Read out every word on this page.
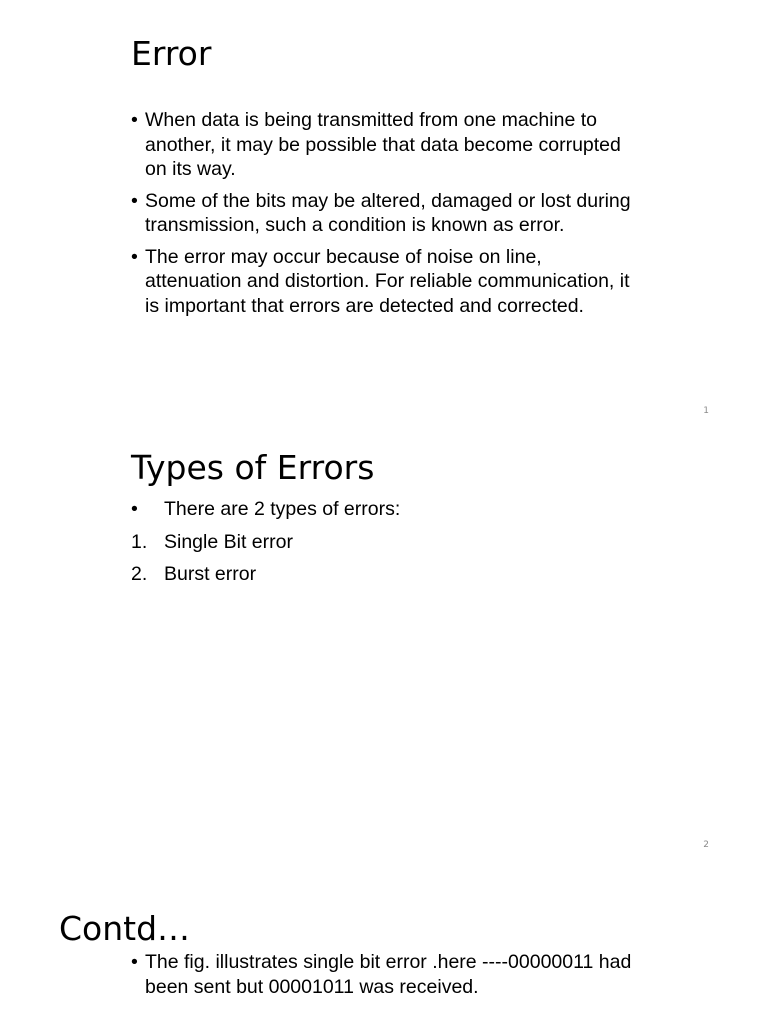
Error
• When data is being transmitted from one machine to another, it may be possible that data become corrupted on its way.
• Some of the bits may be altered, damaged or lost during transmission, such a condition is known as error.
• The error may occur because of noise on line, attenuation and distortion. For reliable communication, it is important that errors are detected and corrected.
1
Types of Errors
• There are 2 types of errors:
1. Single Bit error
2. Burst error
2
Contd…
• The fig. illustrates single bit error .here ----00000011 had been sent but 00001011 was received.
